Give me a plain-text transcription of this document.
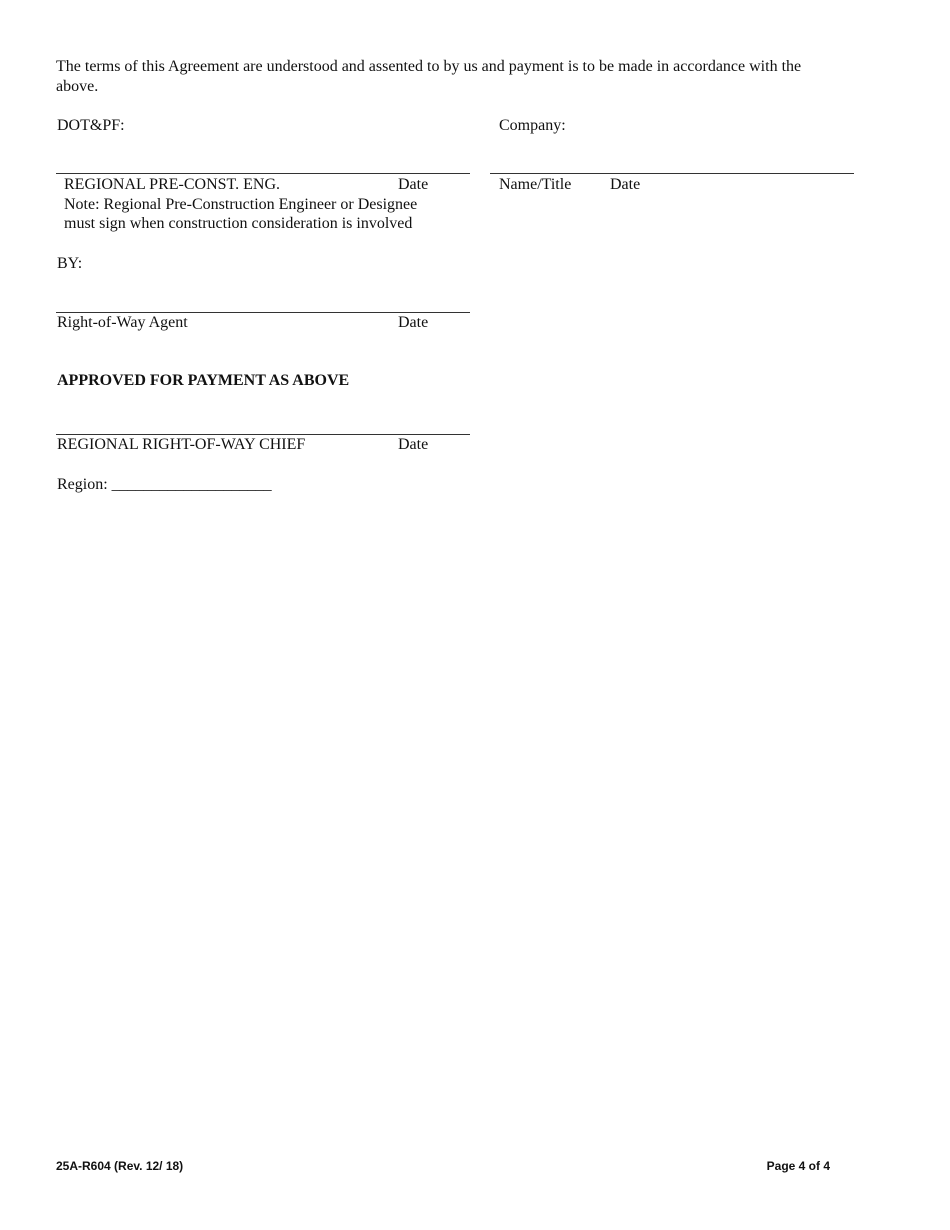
The terms of this Agreement are understood and assented to by us and payment is to be made in accordance with the above.
DOT&PF:	Company:
REGIONAL PRE-CONST. ENG.	Date
Note: Regional Pre-Construction Engineer or Designee
must sign when construction consideration is involved
Name/Title Date
BY:
Right-of-Way Agent	Date
APPROVED FOR PAYMENT AS ABOVE
REGIONAL RIGHT-OF-WAY CHIEF	Date
Region: ____________________
25A-R604 (Rev. 12/ 18)	Page 4 of 4
